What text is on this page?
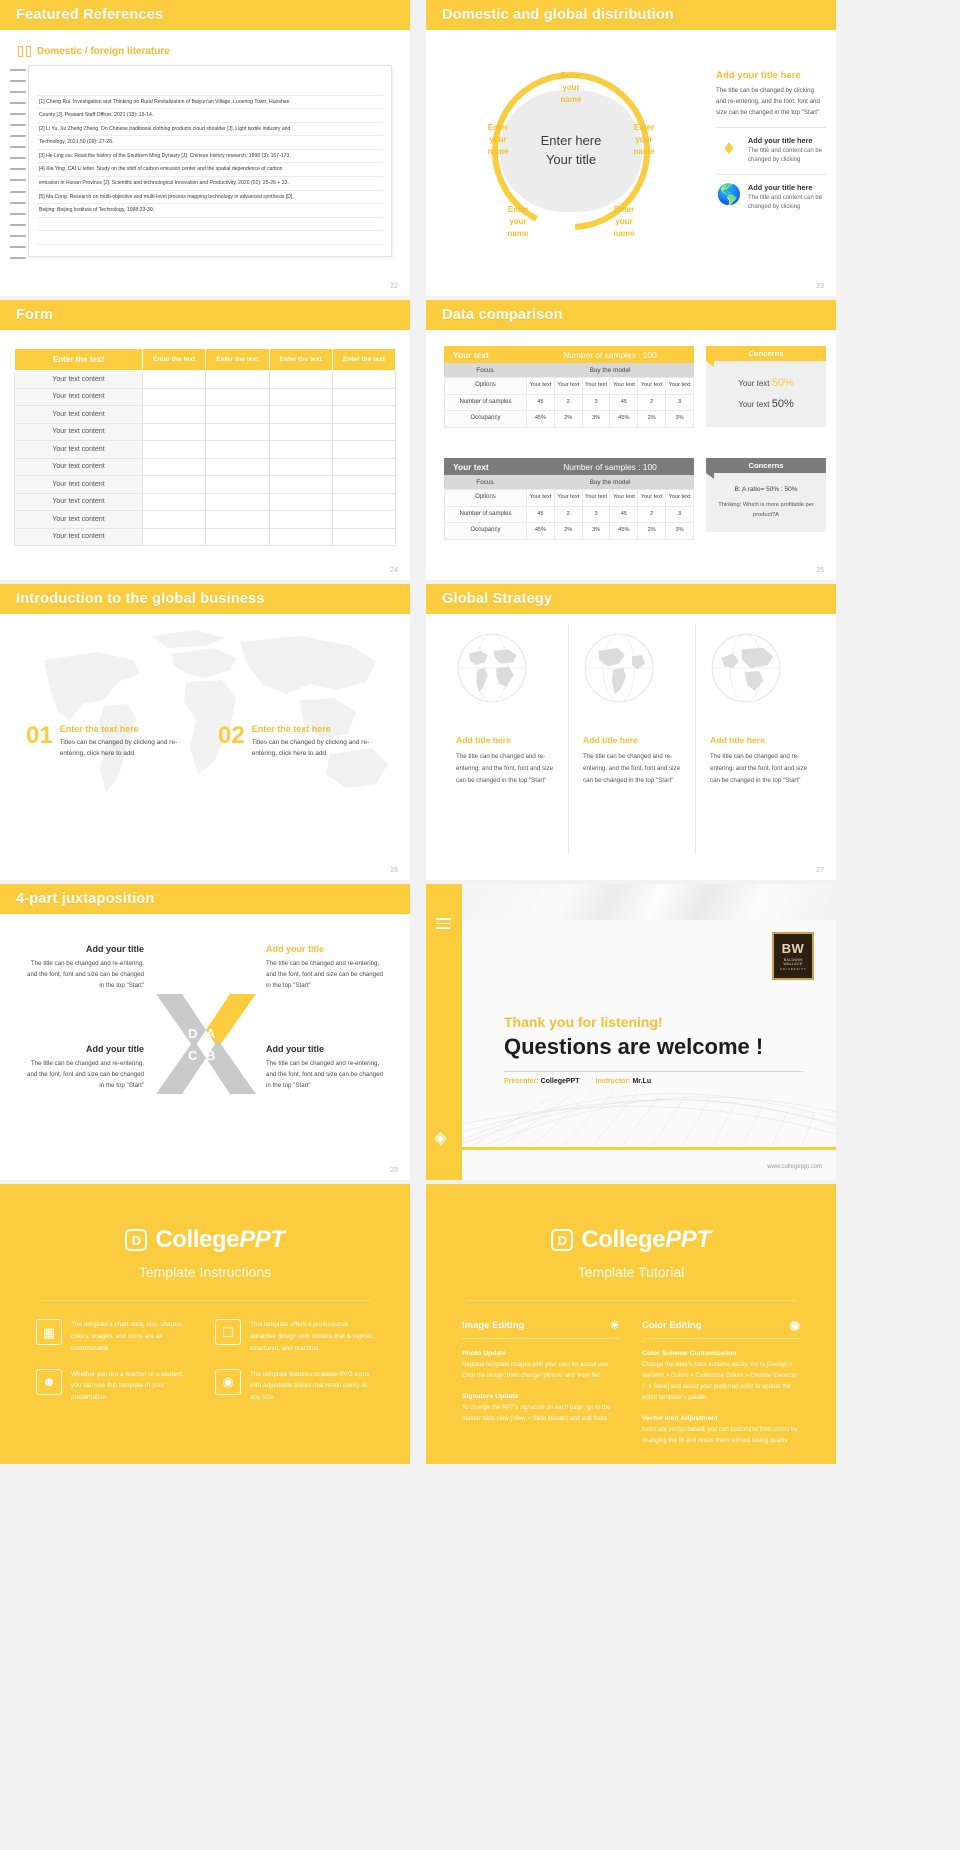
Featured References
Domestic / foreign literature
[1] Cheng Rui. Investigation and Thinking on Rural Revitalization of Baiyun'an Village, Luoering Town, Huoshan
County [J]. Peasant Staff Officer, 2021 (18): 13-14.
[2] Li Yu, Xu Zheng Zheng. On Chinese traditional clothing products cloud shoulder [J]. Light textile industry and
Technology, 2021,50 (09): 27-28.
[3] He Ling xiu. Read the history of the Southern Ming Dynasty [J]. Chinese history research, 1998 (3): 167-173.
[4] Xia Ying, CAI Li letter. Study on the shift of carbon emission center and the spatial dependence of carbon
emission in Hunan Province [J]. Scientific and technological Innovation and Productivity, 2020 (01): 25-26 + 33.
[5] Ma Cong. Research on multi-objective and multi-level process mapping technology in advanced synthesis [D].
Beijing: Beijing Institute of Technology, 1998:23-30.
22
Domestic and global distribution
Enter here
Your title
Enter
your
name
Enter
your
name
Enter
your
name
Enter
your
name
Enter
your
name
Add your title here

The title can be changed by clicking and re-entering, and the font, font and size can be changed in the top "Start"

♦	Add your title here

The title and content can be changed by clicking

🌎 Add your title here

The title and content can be changed by clicking

23
Form
Enter the text	Enter the text	Enter the text	Enter the text	Enter the text
Your text content				
Your text content				
Your text content				
Your text content				
Your text content				
Your text content				
Your text content				
Your text content				
Your text content				
Your text content				
24
Data comparison
Your text	Number of samples : 100
Focus	Buy the model
Options	Your text	Your text	Your text	Your text	Your text	Your text
Number of samples	45	2	3	45	2	3
Occupancy	45%	2%	3%	45%	2%	3%
Your text	Number of samples : 100
Focus	Buy the model
Options	Your text	Your text	Your text	Your text	Your text	Your text
Number of samples	45	2	3	45	2	3
Occupancy	45%	2%	3%	45%	2%	3%
Concerns
Your text 50%
Your text 50%
Concerns
B: A ratio= 50% : 50%
Thinking: Which is more profitable per product?A
25
Introduction to the global business
01 Enter the text here

Titles can be changed by clicking and re-entering, click here to add

02 Enter the text here

Titles can be changed by clicking and re-entering, click here to add

26
Global Strategy
Add title here

The title can be changed and re-entering, and the font, font and size can be changed in the top "Start"

Add title here

The title can be changed and re-entering, and the font, font and size can be changed in the top "Start"

Add title here

The title can be changed and re-entering, and the font, font and size can be changed in the top "Start"

27
4-part juxtaposition
Add your title

The title can be changed and re-entering, and the font, font and size can be changed in the top "Start"

Add your title

The title can be changed and re-entering, and the font, font and size can be changed in the top "Start"

Add your title

The title can be changed and re-entering, and the font, font and size can be changed in the top "Start"

Add your title

The title can be changed and re-entering, and the font, font and size can be changed in the top "Start"

D A
C B
28
◈
BW
BALDWIN
WALLACE
U N I V E R S I T Y
Thank you for listening!
Questions are welcome !
Presenter: CollegePPT Instructor: Mr.Lu
www.collegeppt.com
D CollegePPT
Template Instructions
▦	The template's chart data, text, shapes, colors, images, and icons are all customizable.

☐	This template offers a professional, attractive design with content that is logical, structured, and practical.

☻	Whether you are a teacher or a student, you can use this template in your presentation.

◉	The template features scalable SVG icons with adjustable colors that retain clarity at any size.

D CollegePPT
Template Tutorial
Image Editing	☀
Photo Update

Replace template images with your own for actual use. Click the image, then change 'picture' and 'from file'.

Signature Update

To change the PPT's signature on each page, go to the master slide view (View > Slide Master) and edit there.

Color Editing	◉
Color Scheme Customization

Change the slide's color scheme easily. Go to [Design > Variants > Colors > Customize Colors > Choose 'Desktop 1' > Save] and select your preferred color to update the entire template's palette.

Vector Icon Adjustment

Icons are vector-based; you can customize their colors by changing the fill and resize them without losing quality.
